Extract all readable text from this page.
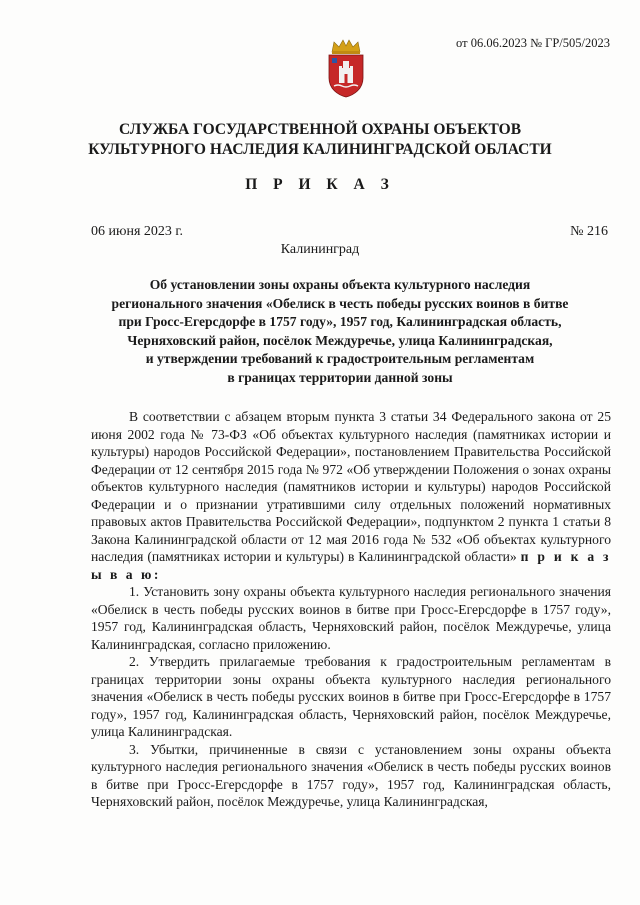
от 06.06.2023 № ГР/505/2023
СЛУЖБА ГОСУДАРСТВЕННОЙ ОХРАНЫ ОБЪЕКТОВ
КУЛЬТУРНОГО НАСЛЕДИЯ КАЛИНИНГРАДСКОЙ ОБЛАСТИ
П Р И К А З
06 июня 2023 г.	№ 216
Калининград
Об установлении зоны охраны объекта культурного наследия
регионального значения «Обелиск в честь победы русских воинов в битве
при Гросс-Егерсдорфе в 1757 году», 1957 год, Калининградская область,
Черняховский район, посёлок Междуречье, улица Калининградская,
и утверждении требований к градостроительным регламентам
в границах территории данной зоны

В соответствии с абзацем вторым пункта 3 статьи 34 Федерального закона от 25 июня 2002 года № 73-ФЗ «Об объектах культурного наследия (памятниках истории и культуры) народов Российской Федерации», постановлением Правительства Российской Федерации от 12 сентября 2015 года № 972 «Об утверждении Положения о зонах охраны объектов культурного наследия (памятников истории и культуры) народов Российской Федерации и о признании утратившими силу отдельных положений нормативных правовых актов Правительства Российской Федерации», подпунктом 2 пункта 1 статьи 8 Закона Калининградской области от 12 мая 2016 года № 532 «Об объектах культурного наследия (памятниках истории и культуры) в Калининградской области» п р и к а з ы в а ю:

1. Установить зону охраны объекта культурного наследия регионального значения «Обелиск в честь победы русских воинов в битве при Гросс-Егерсдорфе в 1757 году», 1957 год, Калининградская область, Черняховский район, посёлок Междуречье, улица Калининградская, согласно приложению.

2. Утвердить прилагаемые требования к градостроительным регламентам в границах территории зоны охраны объекта культурного наследия регионального значения «Обелиск в честь победы русских воинов в битве при Гросс-Егерсдорфе в 1757 году», 1957 год, Калининградская область, Черняховский район, посёлок Междуречье, улица Калининградская.

3. Убытки, причиненные в связи с установлением зоны охраны объекта культурного наследия регионального значения «Обелиск в честь победы русских воинов в битве при Гросс-Егерсдорфе в 1757 году», 1957 год, Калининградская область, Черняховский район, посёлок Междуречье, улица Калининградская,
